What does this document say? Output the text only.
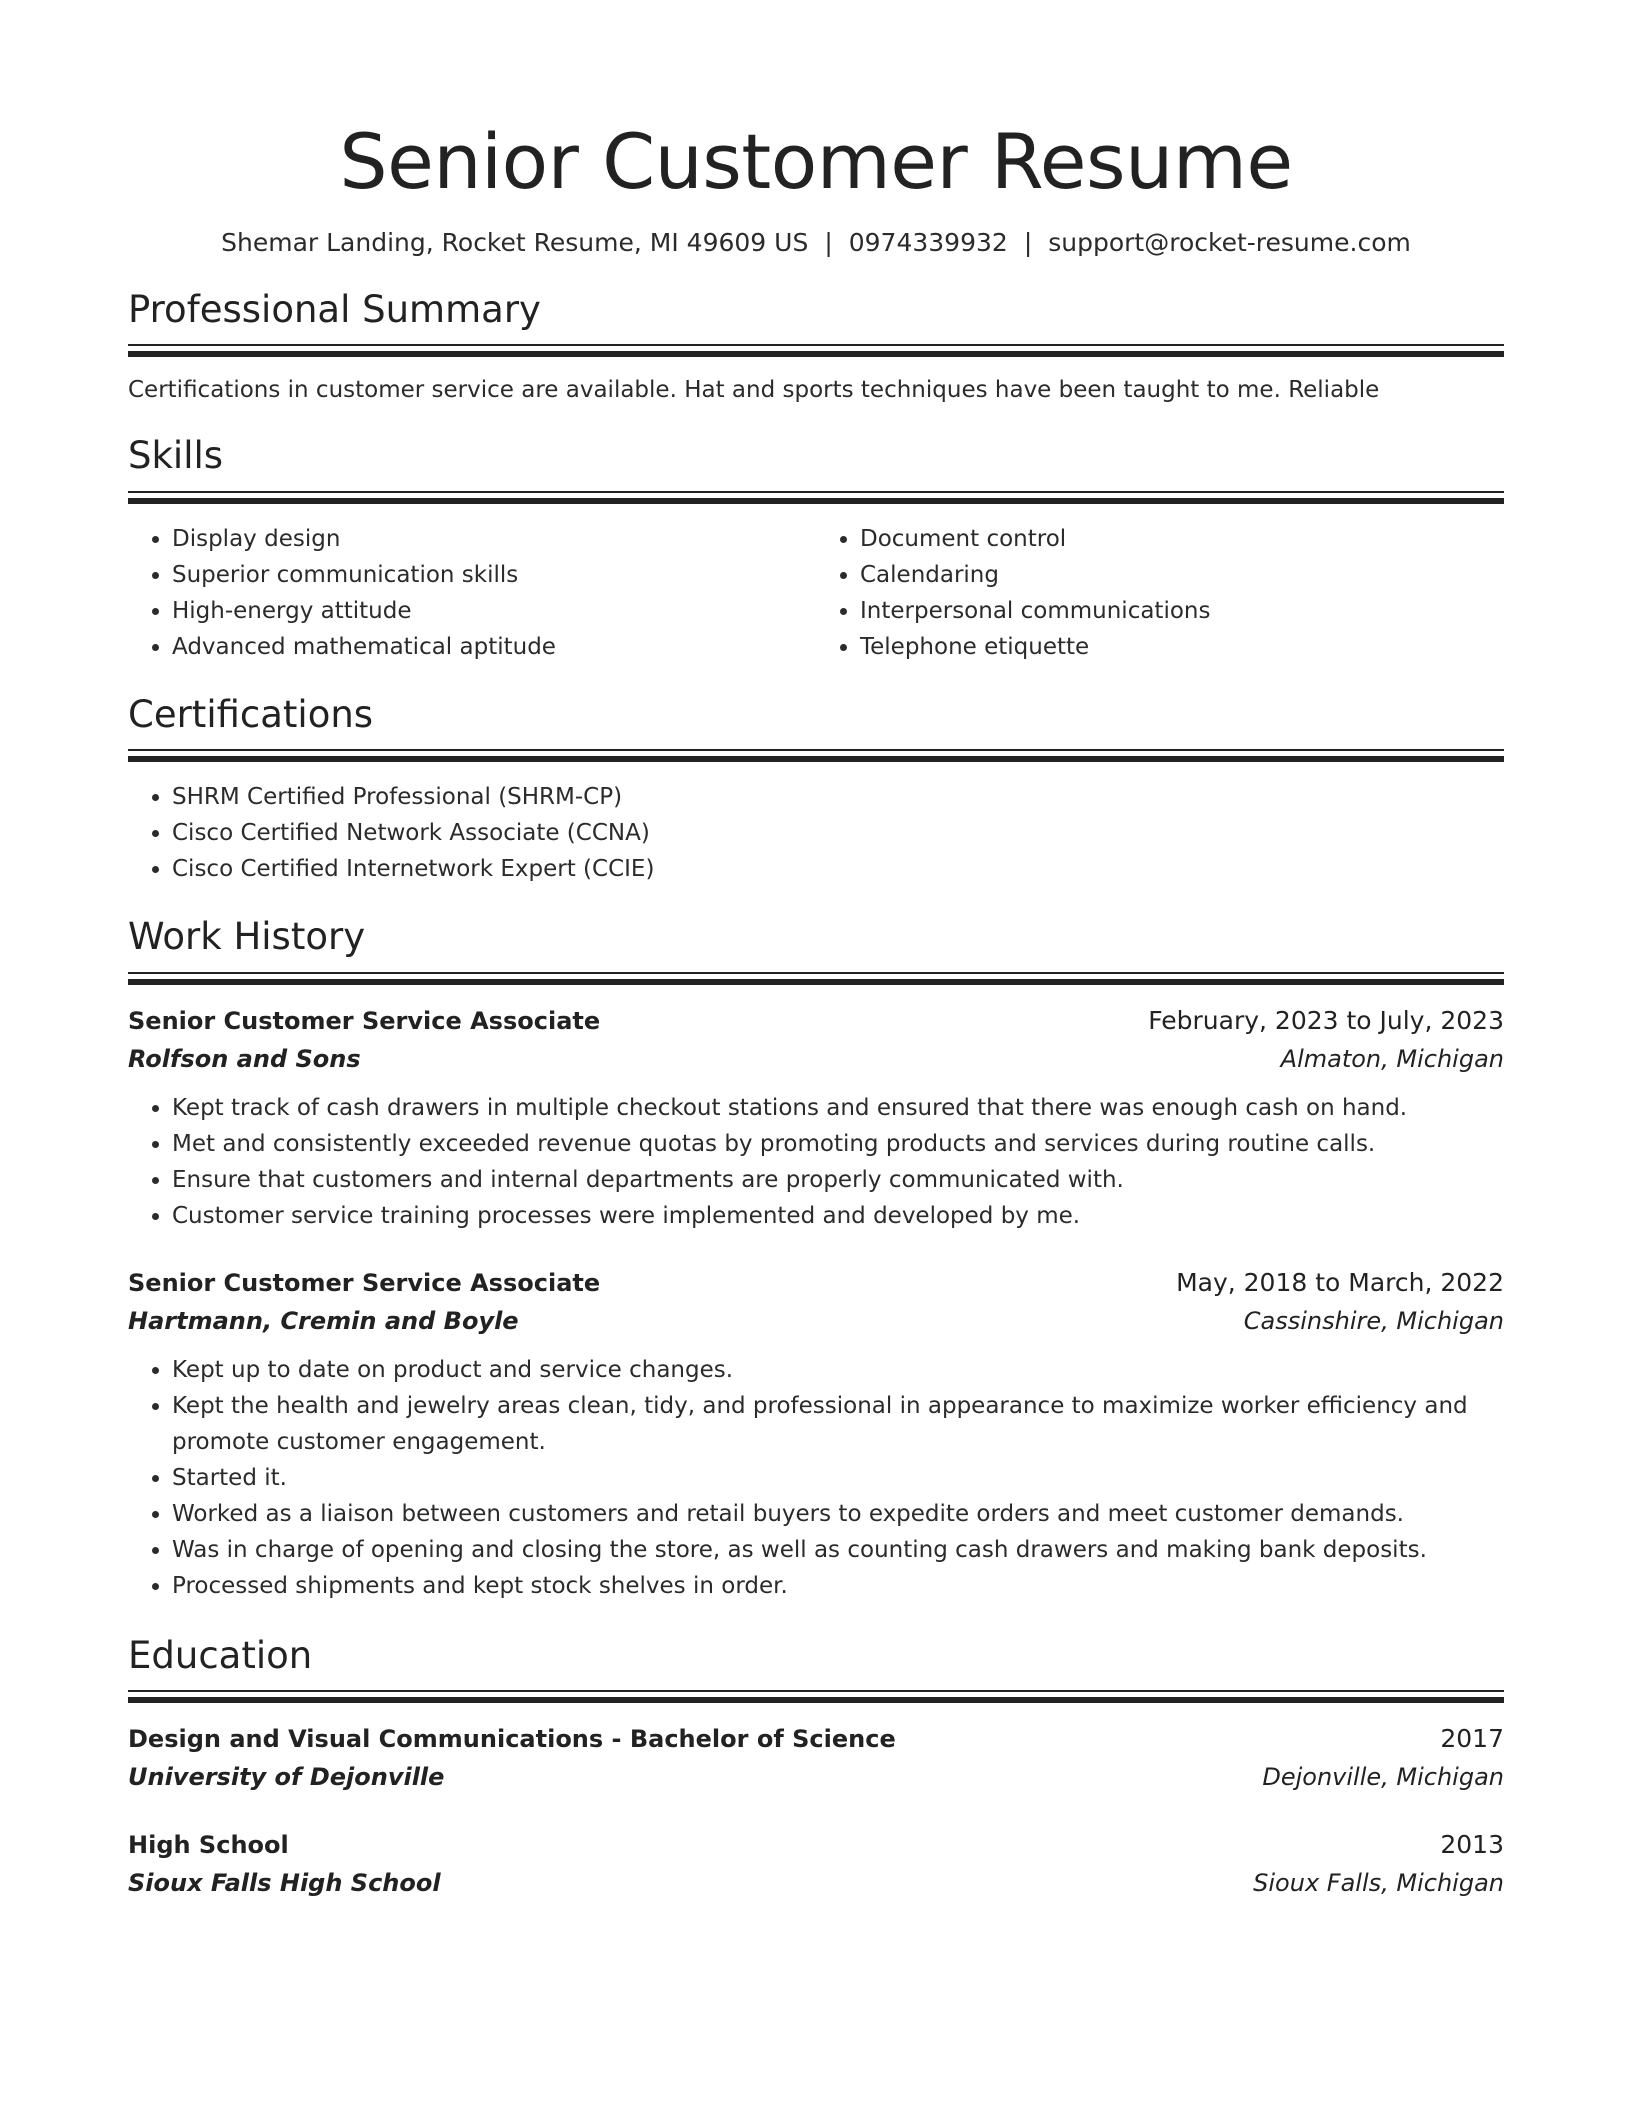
Senior Customer Resume
Shemar Landing, Rocket Resume, MI 49609 US | 0974339932 | support@rocket-resume.com
Professional Summary

Certifications in customer service are available. Hat and sports techniques have been taught to me. Reliable

Skills
• Display design
• Superior communication skills
• High-energy attitude
• Advanced mathematical aptitude
• Document control
• Calendaring
• Interpersonal communications
• Telephone etiquette
Certifications
• SHRM Certified Professional (SHRM-CP)
• Cisco Certified Network Associate (CCNA)
• Cisco Certified Internetwork Expert (CCIE)
Work History
Senior Customer Service Associate	February, 2023 to July, 2023
Rolfson and Sons	Almaton, Michigan
• Kept track of cash drawers in multiple checkout stations and ensured that there was enough cash on hand.
• Met and consistently exceeded revenue quotas by promoting products and services during routine calls.
• Ensure that customers and internal departments are properly communicated with.
• Customer service training processes were implemented and developed by me.
Senior Customer Service Associate	May, 2018 to March, 2022
Hartmann, Cremin and Boyle	Cassinshire, Michigan
• Kept up to date on product and service changes.
• Kept the health and jewelry areas clean, tidy, and professional in appearance to maximize worker efficiency and promote customer engagement.
• Started it.
• Worked as a liaison between customers and retail buyers to expedite orders and meet customer demands.
• Was in charge of opening and closing the store, as well as counting cash drawers and making bank deposits.
• Processed shipments and kept stock shelves in order.
Education
Design and Visual Communications - Bachelor of Science	2017
University of Dejonville	Dejonville, Michigan
High School	2013
Sioux Falls High School	Sioux Falls, Michigan
